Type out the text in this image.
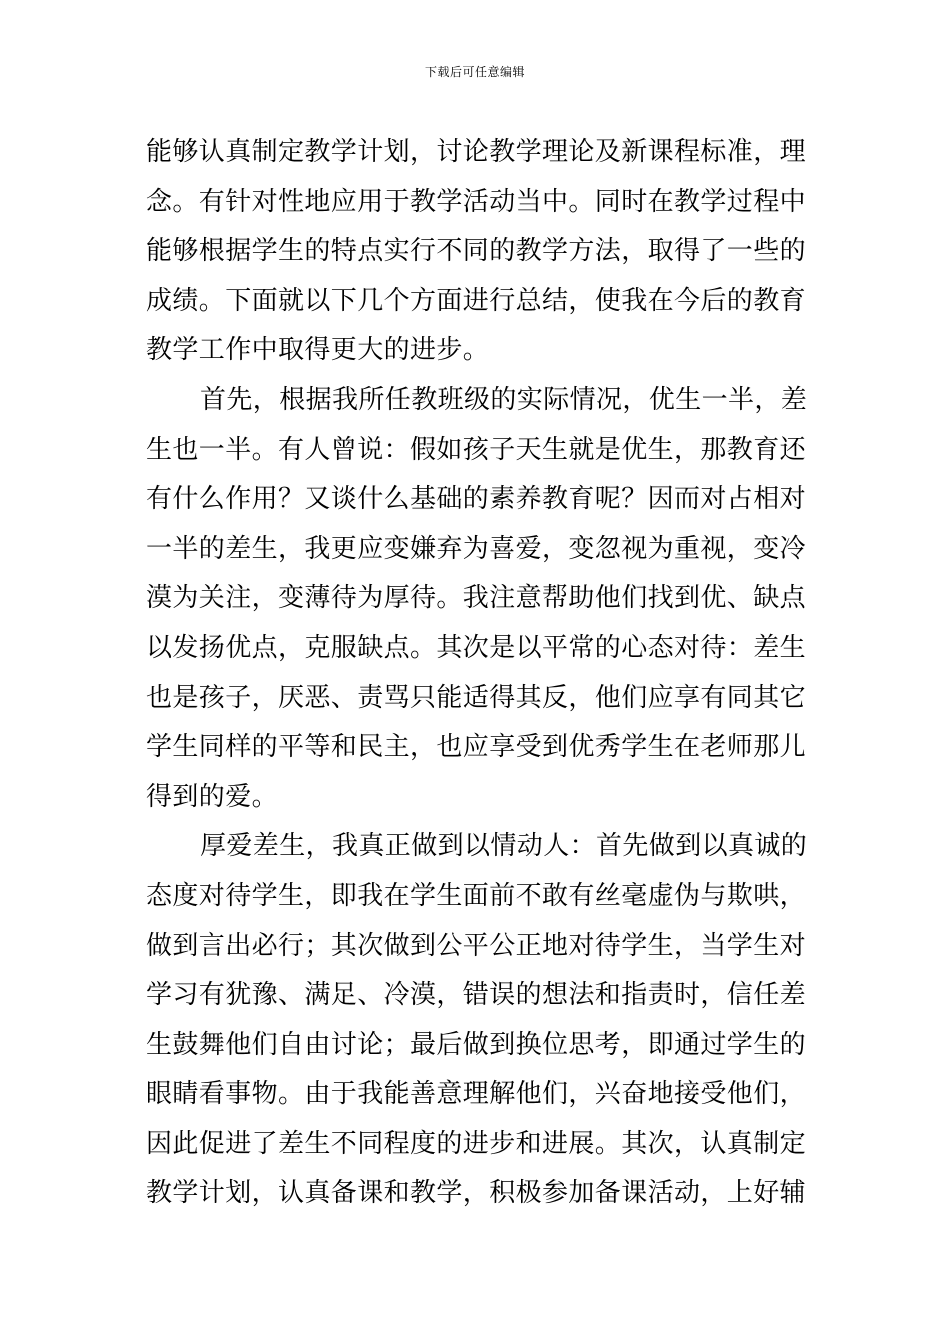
下载后可任意编辑
能够认真制定教学计划，讨论教学理论及新课程标准，理
念。有针对性地应用于教学活动当中。同时在教学过程中
能够根据学生的特点实行不同的教学方法，取得了一些的
成绩。下面就以下几个方面进行总结，使我在今后的教育
教学工作中取得更大的进步。
首先，根据我所任教班级的实际情况，优生一半，差
生也一半。有人曾说：假如孩子天生就是优生，那教育还
有什么作用？又谈什么基础的素养教育呢？因而对占相对
一半的差生，我更应变嫌弃为喜爱，变忽视为重视，变冷
漠为关注，变薄待为厚待。我注意帮助他们找到优、缺点
以发扬优点，克服缺点。其次是以平常的心态对待：差生
也是孩子，厌恶、责骂只能适得其反，他们应享有同其它
学生同样的平等和民主，也应享受到优秀学生在老师那儿
得到的爱。
厚爱差生，我真正做到以情动人：首先做到以真诚的
态度对待学生，即我在学生面前不敢有丝毫虚伪与欺哄，
做到言出必行；其次做到公平公正地对待学生，当学生对
学习有犹豫、满足、冷漠，错误的想法和指责时，信任差
生鼓舞他们自由讨论；最后做到换位思考，即通过学生的
眼睛看事物。由于我能善意理解他们，兴奋地接受他们，
因此促进了差生不同程度的进步和进展。其次，认真制定
教学计划，认真备课和教学，积极参加备课活动，上好辅
